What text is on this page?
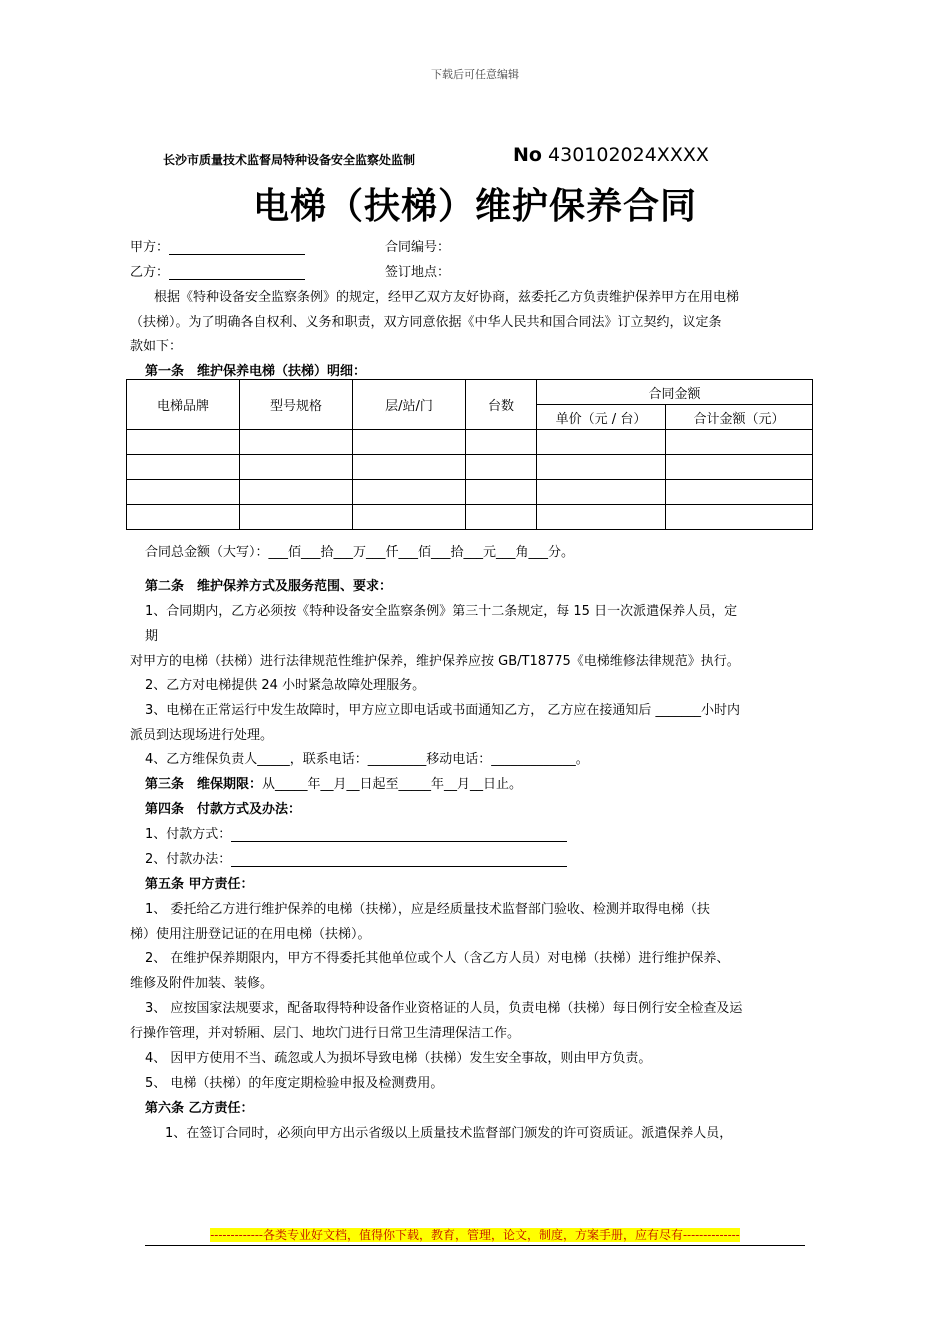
下载后可任意编辑
长沙市质量技术监督局特种设备安全监察处监制	No 430102024XXXX
电梯（扶梯）维护保养合同
甲方：	合同编号：
乙方：	签订地点：
根据《特种设备安全监察条例》的规定，经甲乙双方友好协商，兹委托乙方负责维护保养甲方在用电梯
（扶梯）。为了明确各自权利、义务和职责，双方同意依据《中华人民共和国合同法》订立契约，议定条
款如下：
第一条　维护保养电梯（扶梯）明细：
电梯品牌	型号规格	层/站/门	台数	合同金额	
				单价（元 / 台）	合计金额（元）

合同总金额（大写）：___佰___拾___万___仟___佰___拾___元___角___分。
第二条　维护保养方式及服务范围、要求：
1、合同期内，乙方必须按《特种设备安全监察条例》第三十二条规定，每 15 日一次派遣保养人员，定
期
对甲方的电梯（扶梯）进行法律规范性维护保养，维护保养应按 GB/T18775《电梯维修法律规范》执行。
2、乙方对电梯提供 24 小时紧急故障处理服务。
3、电梯在正常运行中发生故障时，甲方应立即电话或书面通知乙方， 乙方应在接通知后 _______小时内
派员到达现场进行处理。
4、乙方维保负责人_____，联系电话：_________移动电话：_____________。
第三条　维保期限：从_____年__月__日起至_____年__月__日止。
第四条　付款方式及办法：
1、付款方式：
2、付款办法：
第五条 甲方责任：
1、 委托给乙方进行维护保养的电梯（扶梯），应是经质量技术监督部门验收、检测并取得电梯（扶
梯）使用注册登记证的在用电梯（扶梯）。
2、 在维护保养期限内，甲方不得委托其他单位或个人（含乙方人员）对电梯（扶梯）进行维护保养、
维修及附件加装、装修。
3、 应按国家法规要求，配备取得特种设备作业资格证的人员，负责电梯（扶梯）每日例行安全检查及运
行操作管理，并对轿厢、层门、地坎门进行日常卫生清理保洁工作。
4、 因甲方使用不当、疏忽或人为损坏导致电梯（扶梯）发生安全事故，则由甲方负责。
5、 电梯（扶梯）的年度定期检验申报及检测费用。
第六条 乙方责任：
1、在签订合同时，必须向甲方出示省级以上质量技术监督部门颁发的许可资质证。派遣保养人员，
-------------各类专业好文档，值得你下载，教育，管理，论文，制度，方案手册，应有尽有--------------
